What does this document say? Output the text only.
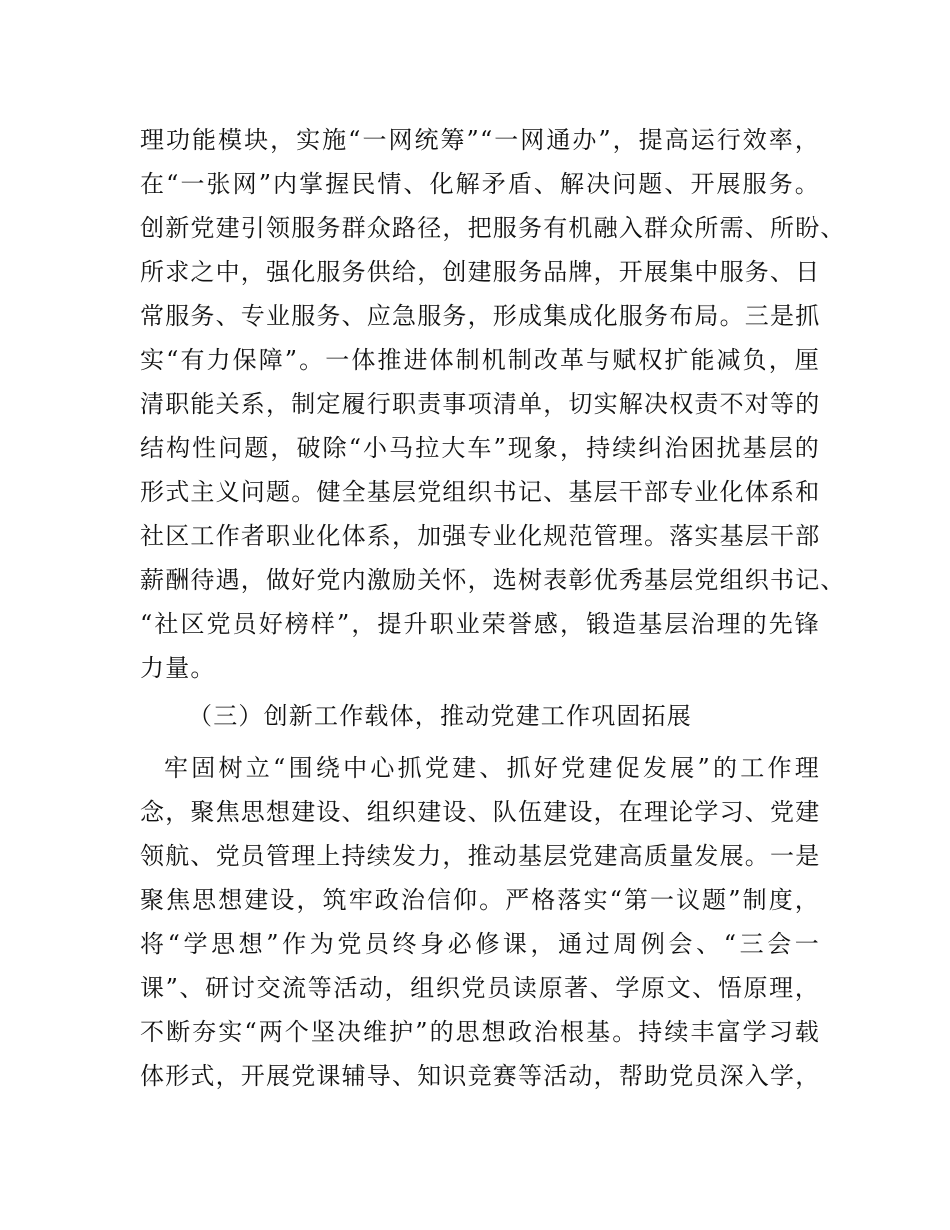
理功能模块，实施“一网统筹”“一网通办”，提高运行效率，
在“一张网”内掌握民情、化解矛盾、解决问题、开展服务。
创新党建引领服务群众路径，把服务有机融入群众所需、所盼、
所求之中，强化服务供给，创建服务品牌，开展集中服务、日
常服务、专业服务、应急服务，形成集成化服务布局。三是抓
实“有力保障”。一体推进体制机制改革与赋权扩能减负，厘
清职能关系，制定履行职责事项清单，切实解决权责不对等的
结构性问题，破除“小马拉大车”现象，持续纠治困扰基层的
形式主义问题。健全基层党组织书记、基层干部专业化体系和
社区工作者职业化体系，加强专业化规范管理。落实基层干部
薪酬待遇，做好党内激励关怀，选树表彰优秀基层党组织书记、
“社区党员好榜样”，提升职业荣誉感，锻造基层治理的先锋
力量。
（三）创新工作载体，推动党建工作巩固拓展
牢固树立“围绕中心抓党建、抓好党建促发展”的工作理
念，聚焦思想建设、组织建设、队伍建设，在理论学习、党建
领航、党员管理上持续发力，推动基层党建高质量发展。一是
聚焦思想建设，筑牢政治信仰。严格落实“第一议题”制度，
将“学思想”作为党员终身必修课，通过周例会、“三会一
课”、研讨交流等活动，组织党员读原著、学原文、悟原理，
不断夯实“两个坚决维护”的思想政治根基。持续丰富学习载
体形式，开展党课辅导、知识竞赛等活动，帮助党员深入学，
